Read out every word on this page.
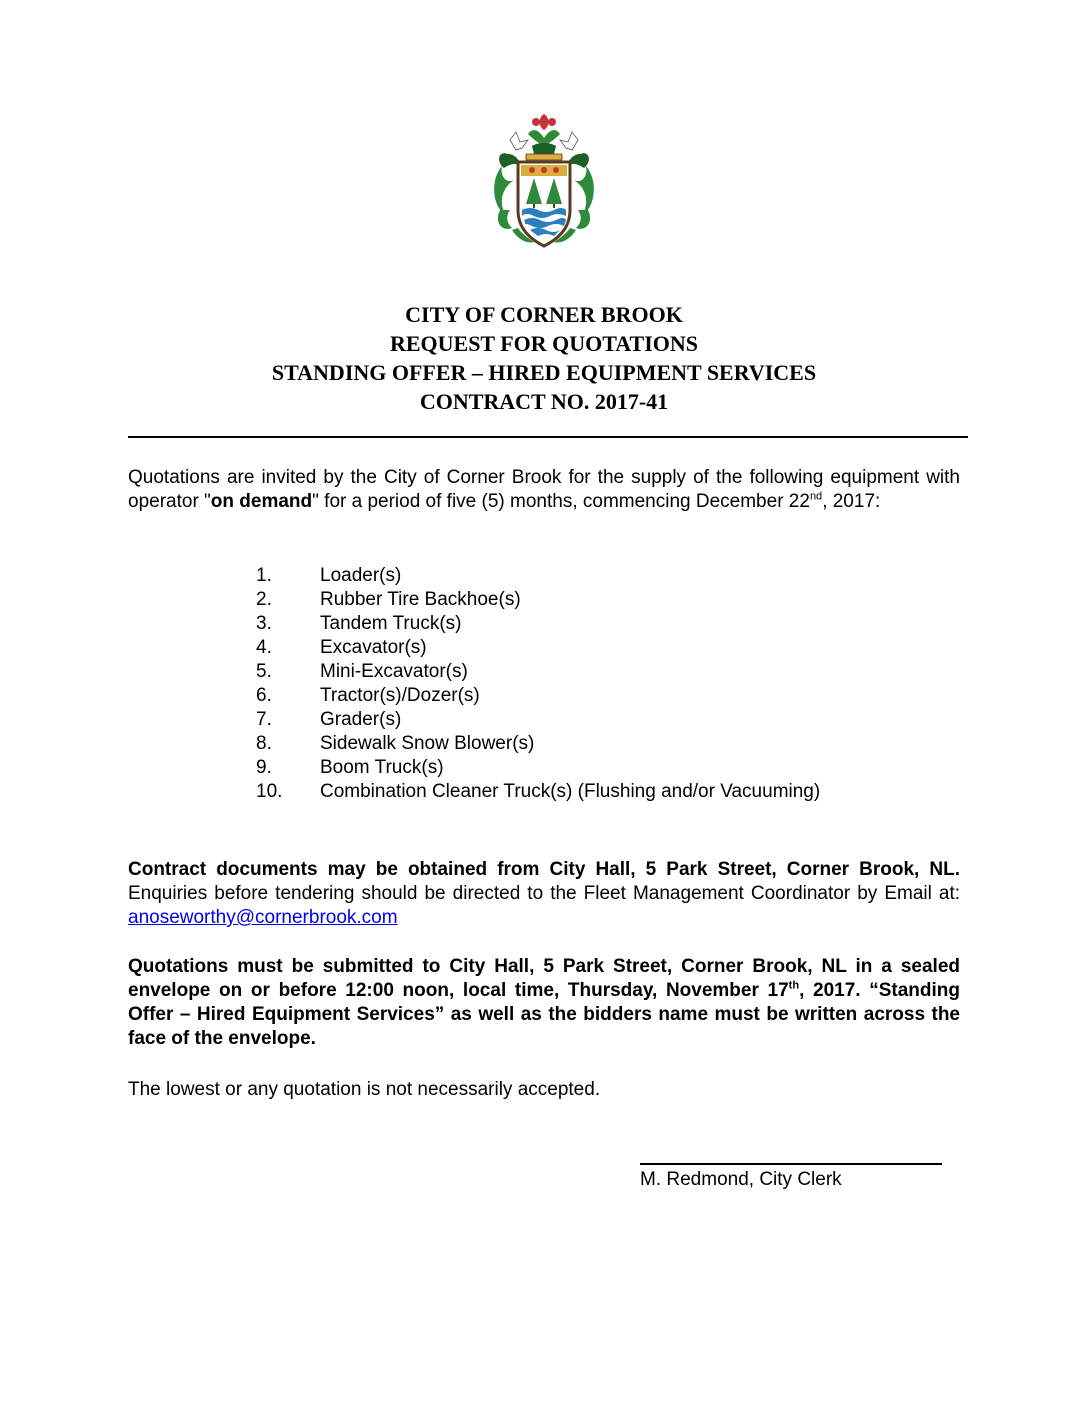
CITY OF CORNER BROOK
REQUEST FOR QUOTATIONS
STANDING OFFER – HIRED EQUIPMENT SERVICES
CONTRACT NO. 2017-41
Quotations are invited by the City of Corner Brook for the supply of the following equipment with operator "on demand" for a period of five (5) months, commencing December 22nd, 2017:
1.	Loader(s)
2.	Rubber Tire Backhoe(s)
3.	Tandem Truck(s)
4.	Excavator(s)
5.	Mini-Excavator(s)
6.	Tractor(s)/Dozer(s)
7.	Grader(s)
8.	Sidewalk Snow Blower(s)
9.	Boom Truck(s)
10. Combination Cleaner Truck(s) (Flushing and/or Vacuuming)
Contract documents may be obtained from City Hall, 5 Park Street, Corner Brook, NL. Enquiries before tendering should be directed to the Fleet Management Coordinator by Email at: anoseworthy@cornerbrook.com
Quotations must be submitted to City Hall, 5 Park Street, Corner Brook, NL in a sealed envelope on or before 12:00 noon, local time, Thursday, November 17th, 2017. “Standing Offer – Hired Equipment Services” as well as the bidders name must be written across the face of the envelope.
The lowest or any quotation is not necessarily accepted.
M. Redmond, City Clerk
